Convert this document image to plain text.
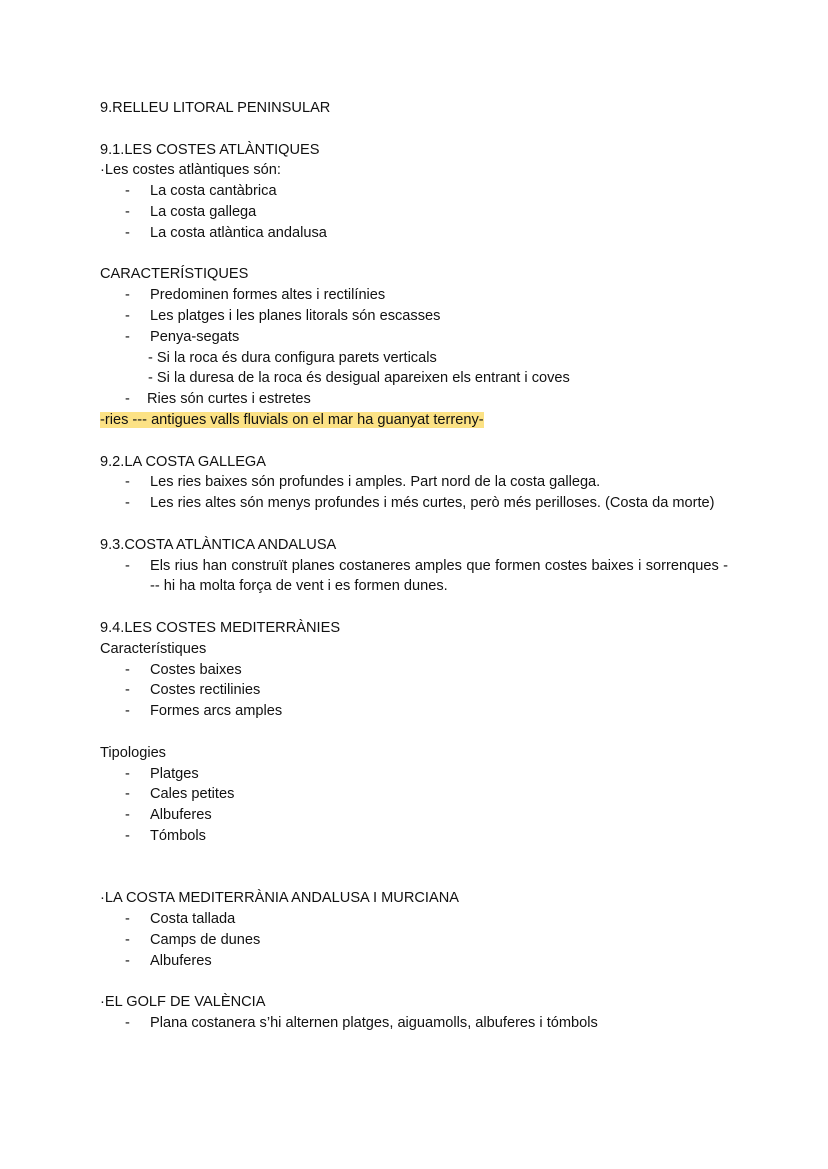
9.RELLEU LITORAL PENINSULAR

9.1.LES COSTES ATLÀNTIQUES

·Les costes atlàntiques són:

- La costa cantàbrica
- La costa gallega
- La costa atlàntica andalusa

CARACTERÍSTIQUES

- Predominen formes altes i rectilínies
- Les platges i les planes litorals són escasses
- Penya-segats

- Si la roca és dura configura parets verticals

- Si la duresa de la roca és desigual apareixen els entrant i coves

- Ries són curtes i estretes

-ries --- antigues valls fluvials on el mar ha guanyat terreny-

9.2.LA COSTA GALLEGA

- Les ries baixes són profundes i amples. Part nord de la costa gallega.
- Les ries altes són menys profundes i més curtes, però més perilloses. (Costa da morte)

9.3.COSTA ATLÀNTICA ANDALUSA

- Els rius han construït planes costaneres amples que formen costes baixes i sorrenques --- hi ha molta força de vent i es formen dunes.

9.4.LES COSTES MEDITERRÀNIES

Característiques

- Costes baixes
- Costes rectilinies
- Formes arcs amples

Tipologies

- Platges
- Cales petites
- Albuferes
- Tómbols

·LA COSTA MEDITERRÀNIA ANDALUSA I MURCIANA

- Costa tallada
- Camps de dunes
- Albuferes

·EL GOLF DE VALÈNCIA

- Plana costanera s’hi alternen platges, aiguamolls, albuferes i tómbols
